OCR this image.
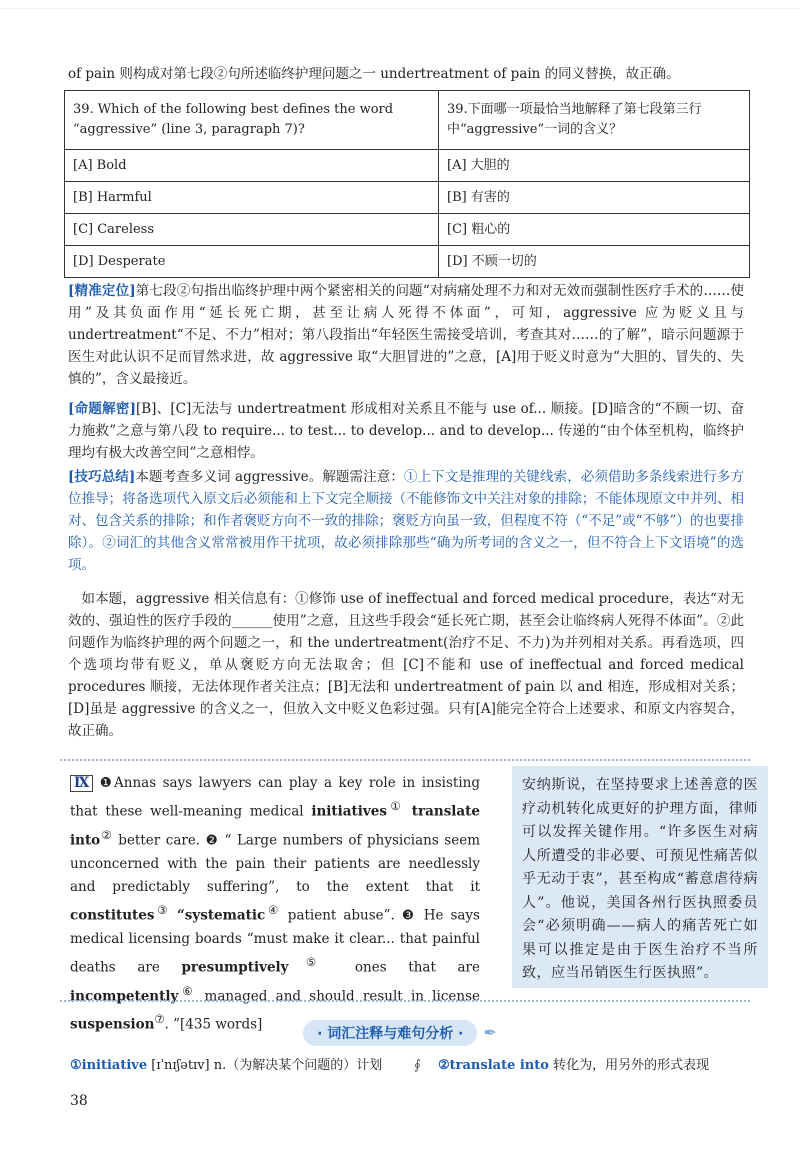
of pain 则构成对第七段②句所述临终护理问题之一 undertreatment of pain 的同义替换，故正确。
39. Which of the following best defines the word “aggressive” (line 3, paragraph 7)?	39.下面哪一项最恰当地解释了第七段第三行中“aggressive”一词的含义？
[A] Bold	[A] 大胆的
[B] Harmful	[B] 有害的
[C] Careless	[C] 粗心的
[D] Desperate	[D] 不顾一切的
[精准定位]第七段②句指出临终护理中两个紧密相关的问题“对病痛处理不力和对无效而强制性医疗手术的……使用”及其负面作用“延长死亡期，甚至让病人死得不体面”，可知，aggressive 应为贬义且与 undertreatment“不足、不力”相对；第八段指出“年轻医生需接受培训，考查其对……的了解”，暗示问题源于医生对此认识不足而冒然求进，故 aggressive 取“大胆冒进的”之意，[A]用于贬义时意为“大胆的、冒失的、失慎的”，含义最接近。
[命题解密][B]、[C]无法与 undertreatment 形成相对关系且不能与 use of... 顺接。[D]暗含的“不顾一切、奋力施救”之意与第八段 to require... to test... to develop... and to develop... 传递的“由个体至机构，临终护理均有极大改善空间”之意相悖。
[技巧总结]本题考查多义词 aggressive。解题需注意：①上下文是推理的关键线索，必须借助多条线索进行多方位推导；将备选项代入原文后必须能和上下文完全顺接（不能修饰文中关注对象的排除；不能体现原文中并列、相对、包含关系的排除；和作者褒贬方向不一致的排除；褒贬方向虽一致，但程度不符（“不足”或“不够”）的也要排除）。②词汇的其他含义常常被用作干扰项，故必须排除那些“确为所考词的含义之一，但不符合上下文语境”的选项。
如本题，aggressive 相关信息有：①修饰 use of ineffectual and forced medical procedure，表达“对无效的、强迫性的医疗手段的______使用”之意，且这些手段会“延长死亡期，甚至会让临终病人死得不体面”。②此问题作为临终护理的两个问题之一，和 the undertreatment(治疗不足、不力)为并列相对关系。再看选项，四个选项均带有贬义，单从褒贬方向无法取舍；但 [C]不能和 use of ineffectual and forced medical procedures 顺接，无法体现作者关注点；[B]无法和 undertreatment of pain 以 and 相连，形成相对关系；[D]虽是 aggressive 的含义之一，但放入文中贬义色彩过强。只有[A]能完全符合上述要求、和原文内容契合，故正确。
Ⅸ ❶Annas says lawyers can play a key role in insisting that these well-meaning medical initiatives① translate into② better care. ❷ “ Large numbers of physicians seem unconcerned with the pain their patients are needlessly and predictably suffering”, to the extent that it constitutes③ “systematic④ patient abuse”. ❸ He says medical licensing boards “must make it clear... that painful deaths are presumptively⑤ ones that are incompetently⑥ managed and should result in license suspension⑦. ”[435 words]
安纳斯说，在坚持要求上述善意的医疗动机转化成更好的护理方面，律师可以发挥关键作用。“许多医生对病人所遭受的非必要、可预见性痛苦似乎无动于衷”，甚至构成“蓄意虐待病人”。他说，美国各州行医执照委员会“必须明确——病人的痛苦死亡如果可以推定是由于医生治疗不当所致，应当吊销医生行医执照”。
· 词汇注释与难句分析 · ✒
①initiative [ɪˈnɪʃətɪv] n.（为解决某个问题的）计划 ∮ ②translate into 转化为，用另外的形式表现
38
